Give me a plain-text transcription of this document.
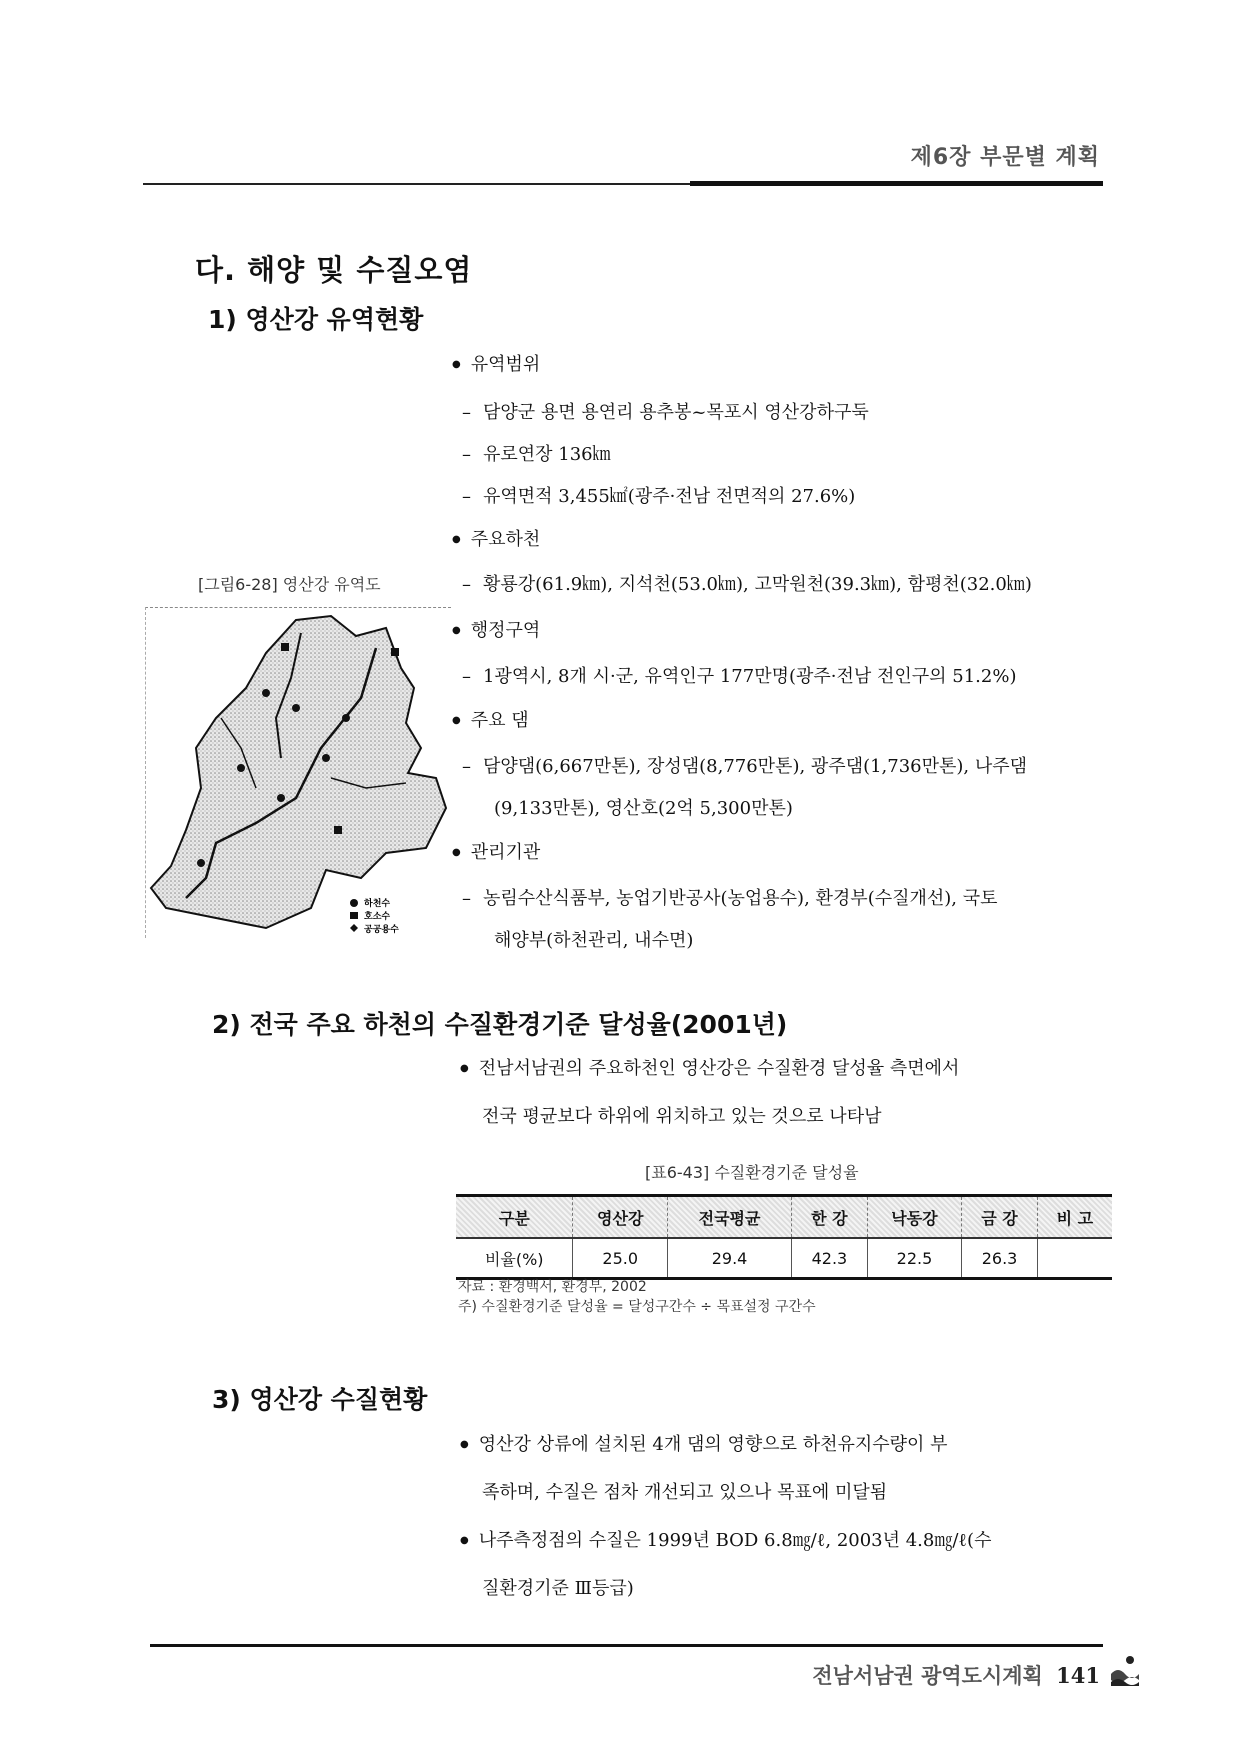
제6장 부문별 계획
다. 해양 및 수질오염
1) 영산강 유역현황
● 유역범위
– 담양군 용면 용연리 용추봉~목포시 영산강하구둑
– 유로연장 136㎞
– 유역면적 3,455㎢(광주·전남 전면적의 27.6%)
● 주요하천
[그림6-28] 영산강 유역도	– 황룡강(61.9㎞), 지석천(53.0㎞), 고막원천(39.3㎞), 함평천(32.0㎞)
● 행정구역
– 1광역시, 8개 시·군, 유역인구 177만명(광주·전남 전인구의 51.2%)
● 주요 댐
– 담양댐(6,667만톤), 장성댐(8,776만톤), 광주댐(1,736만톤), 나주댐
(9,133만톤), 영산호(2억 5,300만톤)
● 관리기관
– 농림수산식품부, 농업기반공사(농업용수), 환경부(수질개선), 국토
해양부(하천관리, 내수면)
하천수
호소수
공공용수
2) 전국 주요 하천의 수질환경기준 달성율(2001년)
● 전남서남권의 주요하천인 영산강은 수질환경 달성율 측면에서
전국 평균보다 하위에 위치하고 있는 것으로 나타남
[표6-43] 수질환경기준 달성율
구분	영산강	전국평균	한 강	낙동강	금 강	비 고
비율(%)	25.0	29.4	42.3	22.5	26.3	
자료 : 환경백서, 환경부, 2002
주) 수질환경기준 달성율 = 달성구간수 ÷ 목표설정 구간수
3) 영산강 수질현황
● 영산강 상류에 설치된 4개 댐의 영향으로 하천유지수량이 부
족하며, 수질은 점차 개선되고 있으나 목표에 미달됨
● 나주측정점의 수질은 1999년 BOD 6.8㎎/ℓ, 2003년 4.8㎎/ℓ(수
질환경기준 Ⅲ등급)
전남서남권 광역도시계획 141
